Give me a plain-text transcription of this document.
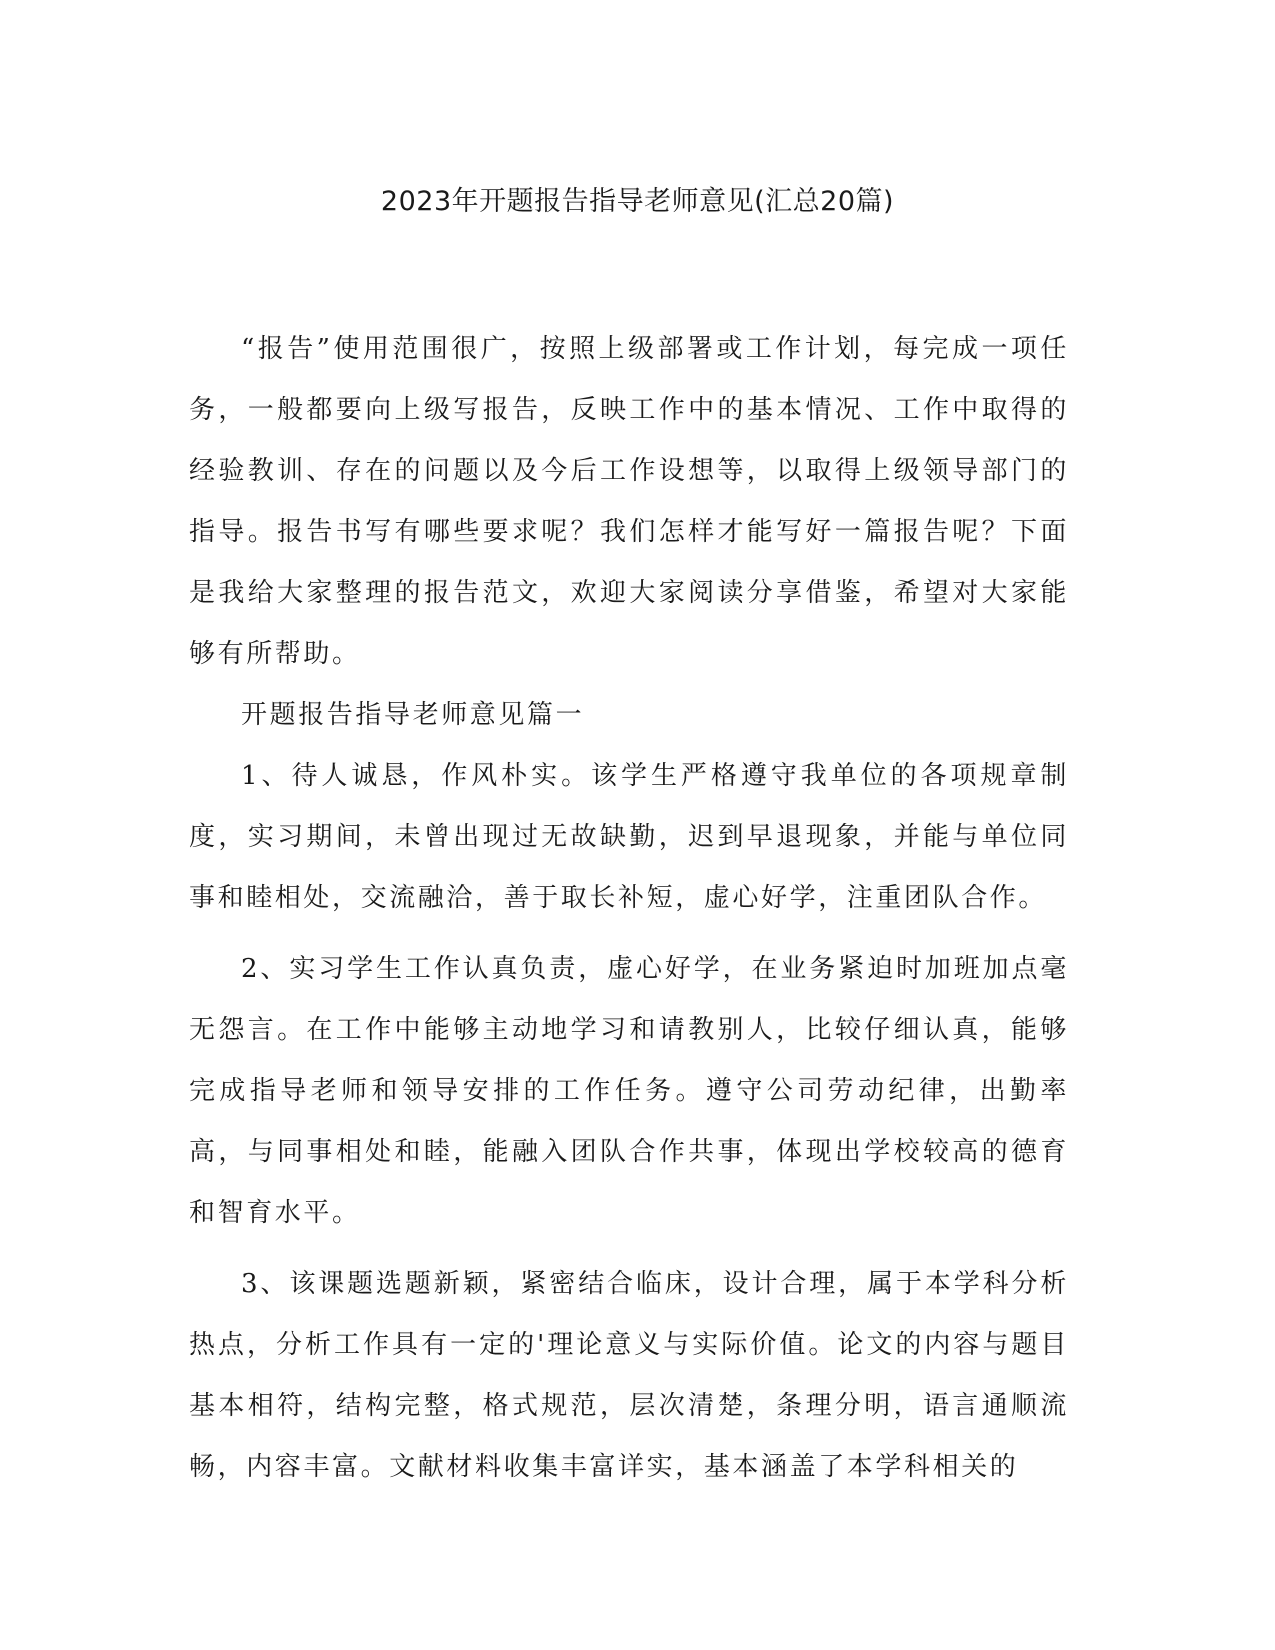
2023年开题报告指导老师意见(汇总20篇)

“报告”使用范围很广，按照上级部署或工作计划，每完成一项任务，一般都要向上级写报告，反映工作中的基本情况、工作中取得的经验教训、存在的问题以及今后工作设想等，以取得上级领导部门的指导。报告书写有哪些要求呢？我们怎样才能写好一篇报告呢？下面是我给大家整理的报告范文，欢迎大家阅读分享借鉴，希望对大家能够有所帮助。

开题报告指导老师意见篇一

1、待人诚恳，作风朴实。该学生严格遵守我单位的各项规章制度，实习期间，未曾出现过无故缺勤，迟到早退现象，并能与单位同事和睦相处，交流融洽，善于取长补短，虚心好学，注重团队合作。

2、实习学生工作认真负责，虚心好学，在业务紧迫时加班加点毫无怨言。在工作中能够主动地学习和请教别人，比较仔细认真，能够完成指导老师和领导安排的工作任务。遵守公司劳动纪律，出勤率高，与同事相处和睦，能融入团队合作共事，体现出学校较高的德育和智育水平。

3、该课题选题新颖，紧密结合临床，设计合理，属于本学科分析热点，分析工作具有一定的'理论意义与实际价值。论文的内容与题目基本相符，结构完整，格式规范，层次清楚，条理分明，语言通顺流畅，内容丰富。文献材料收集丰富详实，基本涵盖了本学科相关的
